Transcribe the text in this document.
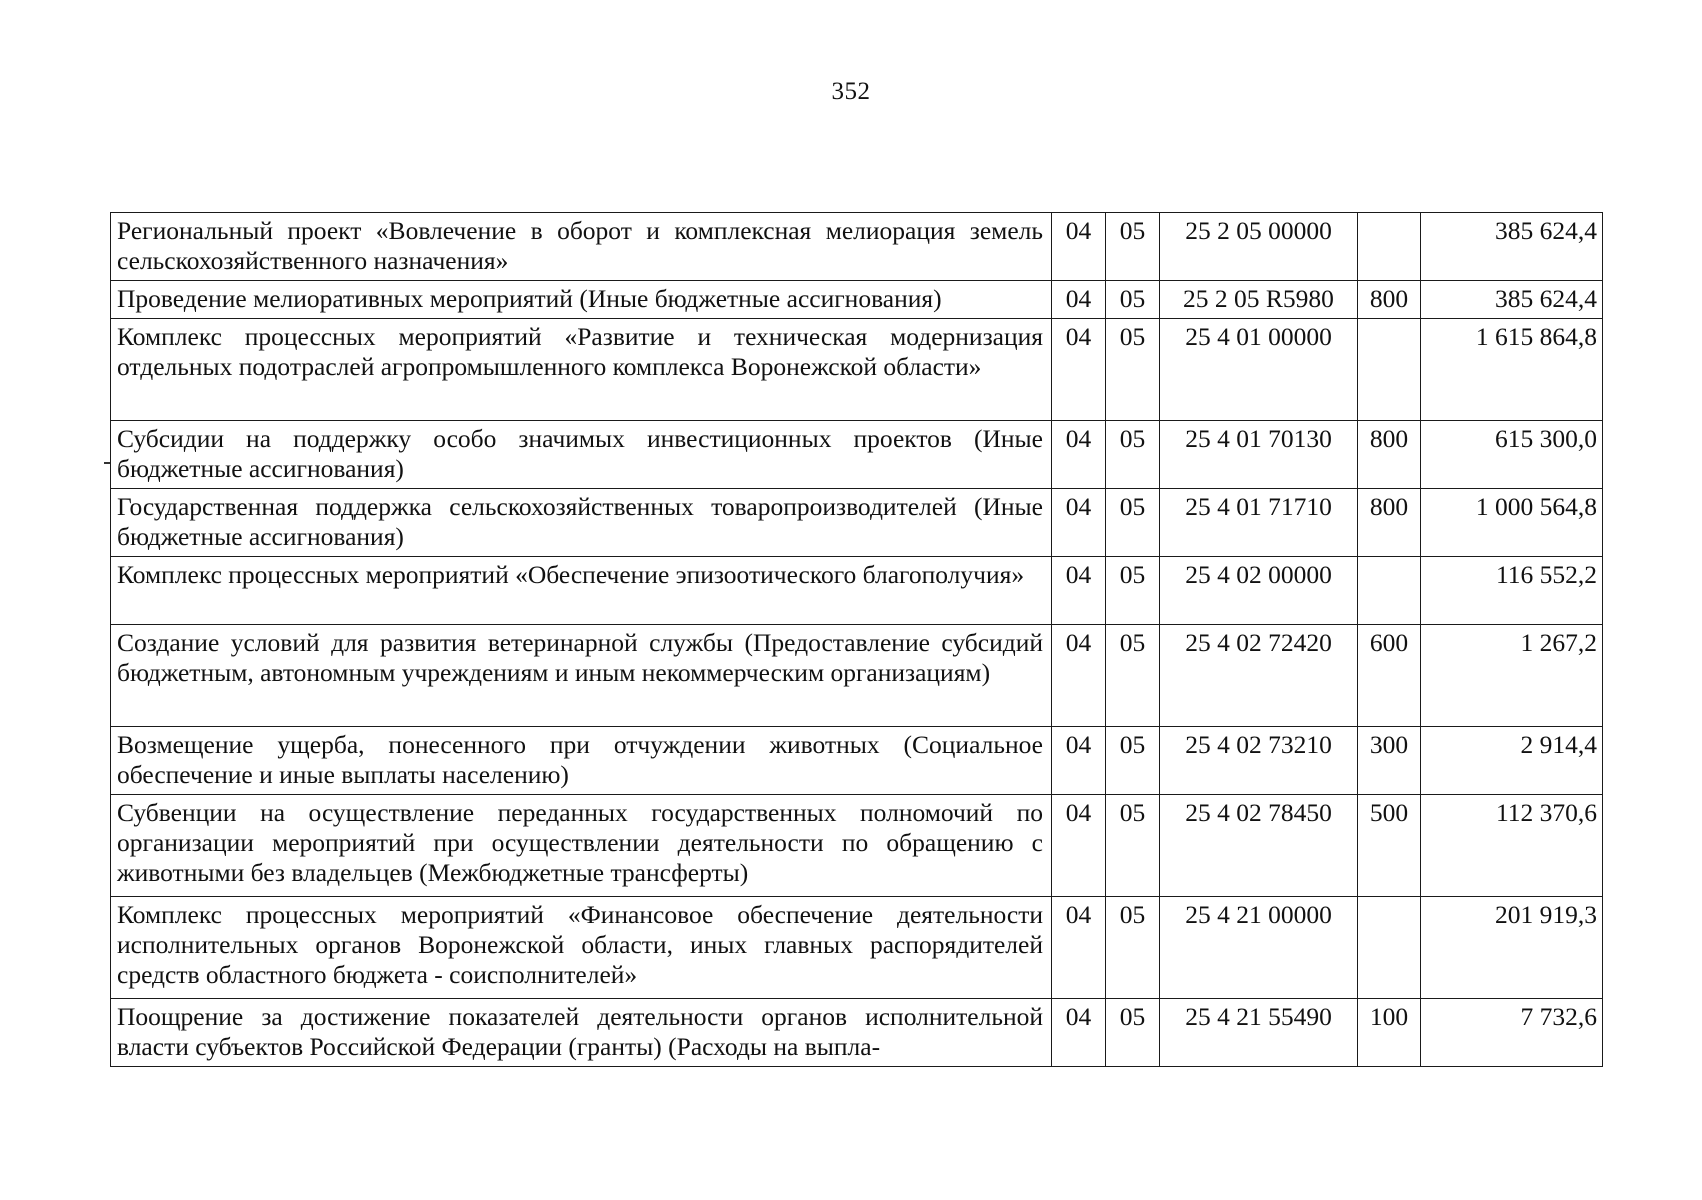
352
Региональный проект «Вовлечение в оборот и комплексная мелиорация земель сельскохозяйственного назначения»	04	05	25 2 05 00000		385 624,4
Проведение мелиоративных мероприятий (Иные бюджетные ассигнования)	04	05	25 2 05 R5980	800	385 624,4
Комплекс процессных мероприятий «Развитие и техническая модернизация отдельных подотраслей агропромышленного комплекса Воронежской области»	04	05	25 4 01 00000		1 615 864,8
Субсидии на поддержку особо значимых инвестиционных проектов (Иные бюджетные ассигнования)	04	05	25 4 01 70130	800	615 300,0
Государственная поддержка сельскохозяйственных товаропроизводителей (Иные бюджетные ассигнования)	04	05	25 4 01 71710	800	1 000 564,8
Комплекс процессных мероприятий «Обеспечение эпизоотического благополучия»	04	05	25 4 02 00000		116 552,2
Создание условий для развития ветеринарной службы (Предоставление субсидий бюджетным, автономным учреждениям и иным некоммерческим организациям)	04	05	25 4 02 72420	600	1 267,2
Возмещение ущерба, понесенного при отчуждении животных (Социальное обеспечение и иные выплаты населению)	04	05	25 4 02 73210	300	2 914,4
Субвенции на осуществление переданных государственных полномочий по организации мероприятий при осуществлении деятельности по обращению с животными без владельцев (Межбюджетные трансферты)	04	05	25 4 02 78450	500	112 370,6
Комплекс процессных мероприятий «Финансовое обеспечение деятельности исполнительных органов Воронежской области, иных главных распорядителей средств областного бюджета - соисполнителей»	04	05	25 4 21 00000		201 919,3
Поощрение за достижение показателей деятельности органов исполнительной власти субъектов Российской Федерации (гранты) (Расходы на выпла-	04	05	25 4 21 55490	100	7 732,6
